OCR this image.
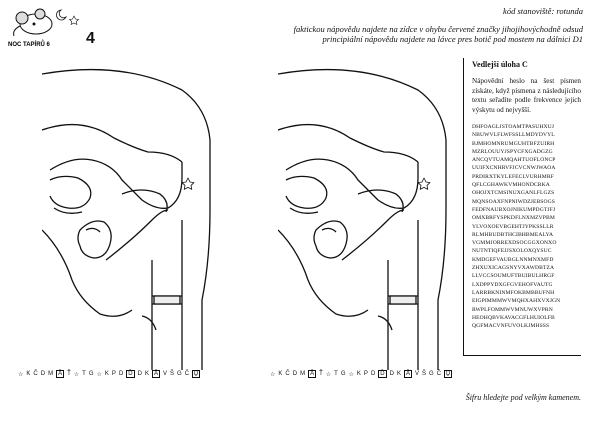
NOC TAPÍRŮ 6 4
kód stanoviště: rotunda
faktickou nápovědu najdete na zídce v ohybu červené značky jihojihovýchodně odsud
principiální nápovědu najdete na lávce pres botič pod mostem na dálnici D1
Vedlejší úloha C
Nápovědní heslo na šest písmen získáte, když písmena z následujícího textu seřadíte podle frekvence jejich výskytu od nejvyšší.
DHFOAGLJSTOAMTPASUHXUJ
NBUWVLFLWFSSLLMDYDVYL
BJMHOMNRUMGUHTBFZUIRH
MZRLOUUYJSPYCFXGADGZG
ANCQVTUAMQAHTUOFLONCP
UUIFXCNHRVFJCVCNWJWAOA
PRDIRXTKYLEFECLVURHMRF
QFLCGHAWKVMHONDCRKA
OHOJXTCMSINUXGANLFLGZS
MQNSOAXFNPNIWDZJEBSOGS
FEDFNAUBXOJNIKUMPDGTJFJ
OMXBRFYSPKDFLNXMZVPBM
YLVOXOEVBGEHTJYPKSSLLR
RLMHBUDBTHCIBHBMEALYA
VGMMJORREXDSOCGGXONXO
NUTNTIQFEJJSXOLOXQYSUC
KMDGEFVAUBGLNNMNXMFD
ZHXUXICAGSNYVXAWDBTZA
LLVCCSOUMUFTBUIBULHRGF
LXDPPYDXGFGVEHOFVAUTG
LARRBKNINMFOKBMBBUFNH
EIGPIMMMWVMQHXAHXVXJGN
RWPLFOMMWVMNUWXVPRN
HEOHQBVKAVACGFLHUIOLFB
QGFMACVNFUVOLKJMHSSS
☆ K Č D M Ǎ Ť ☆ T G ☆ K P D Ď D K Ǎ V Š G Č Ḏ	☆ K Č D M Ǎ Ť ☆ T G ☆ K P D Ď D K Ǎ V Š G Č Ḏ
Šifru hledejte pod velkým kamenem.
